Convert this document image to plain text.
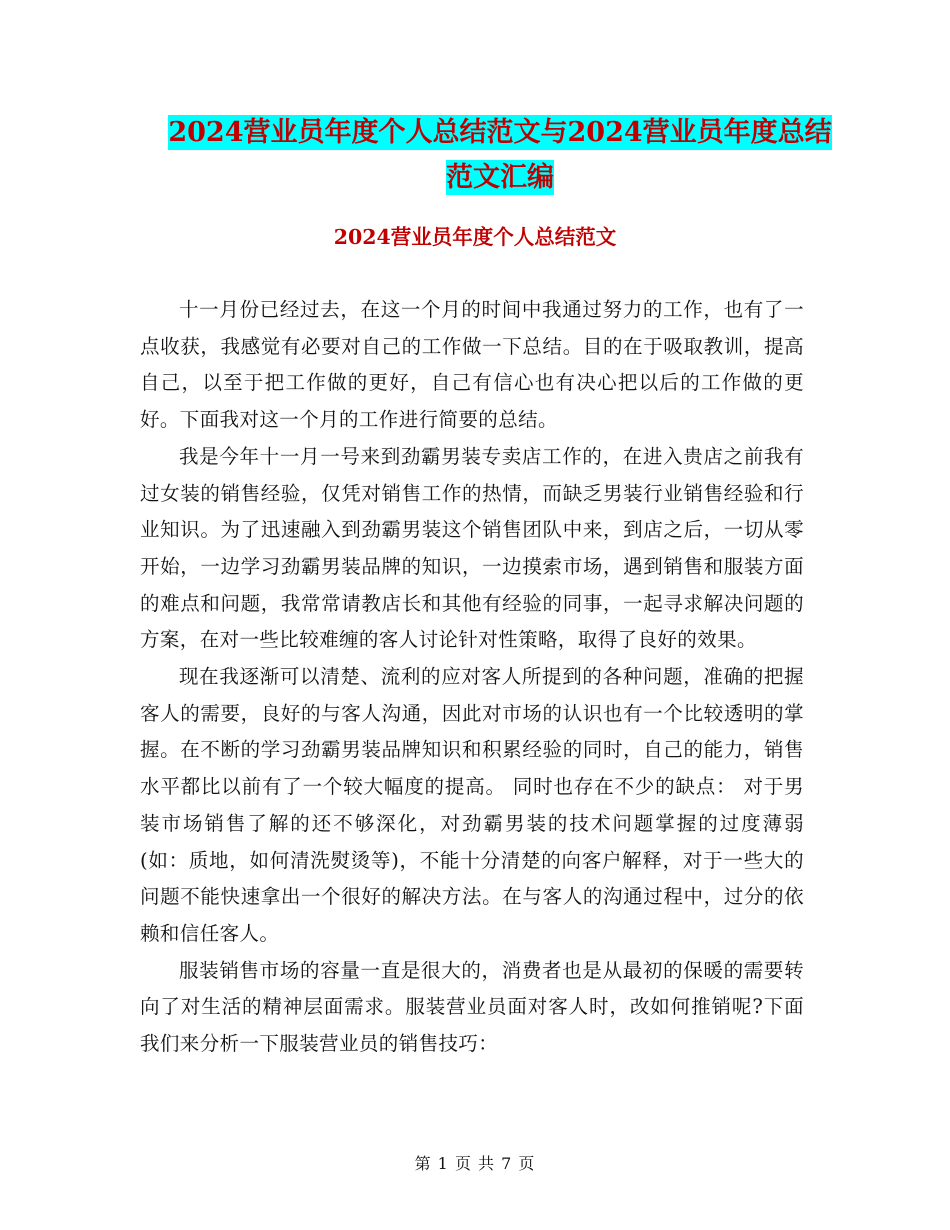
2024营业员年度个人总结范文与2024营业员年度总结
范文汇编
2024营业员年度个人总结范文

十一月份已经过去，在这一个月的时间中我通过努力的工作，也有了一点收获，我感觉有必要对自己的工作做一下总结。目的在于吸取教训，提高自己，以至于把工作做的更好，自己有信心也有决心把以后的工作做的更好。下面我对这一个月的工作进行简要的总结。

我是今年十一月一号来到劲霸男装专卖店工作的，在进入贵店之前我有过女装的销售经验，仅凭对销售工作的热情，而缺乏男装行业销售经验和行业知识。为了迅速融入到劲霸男装这个销售团队中来，到店之后，一切从零开始，一边学习劲霸男装品牌的知识，一边摸索市场，遇到销售和服装方面的难点和问题，我常常请教店长和其他有经验的同事，一起寻求解决问题的方案，在对一些比较难缠的客人讨论针对性策略，取得了良好的效果。

现在我逐渐可以清楚、流利的应对客人所提到的各种问题，准确的把握客人的需要，良好的与客人沟通，因此对市场的认识也有一个比较透明的掌握。在不断的学习劲霸男装品牌知识和积累经验的同时，自己的能力，销售水平都比以前有了一个较大幅度的提高。 同时也存在不少的缺点： 对于男装市场销售了解的还不够深化，对劲霸男装的技术问题掌握的过度薄弱(如：质地，如何清洗熨烫等)，不能十分清楚的向客户解释，对于一些大的问题不能快速拿出一个很好的解决方法。在与客人的沟通过程中，过分的依赖和信任客人。

服装销售市场的容量一直是很大的，消费者也是从最初的保暖的需要转向了对生活的精神层面需求。服装营业员面对客人时，改如何推销呢?下面我们来分析一下服装营业员的销售技巧：

第 1 页 共 7 页
